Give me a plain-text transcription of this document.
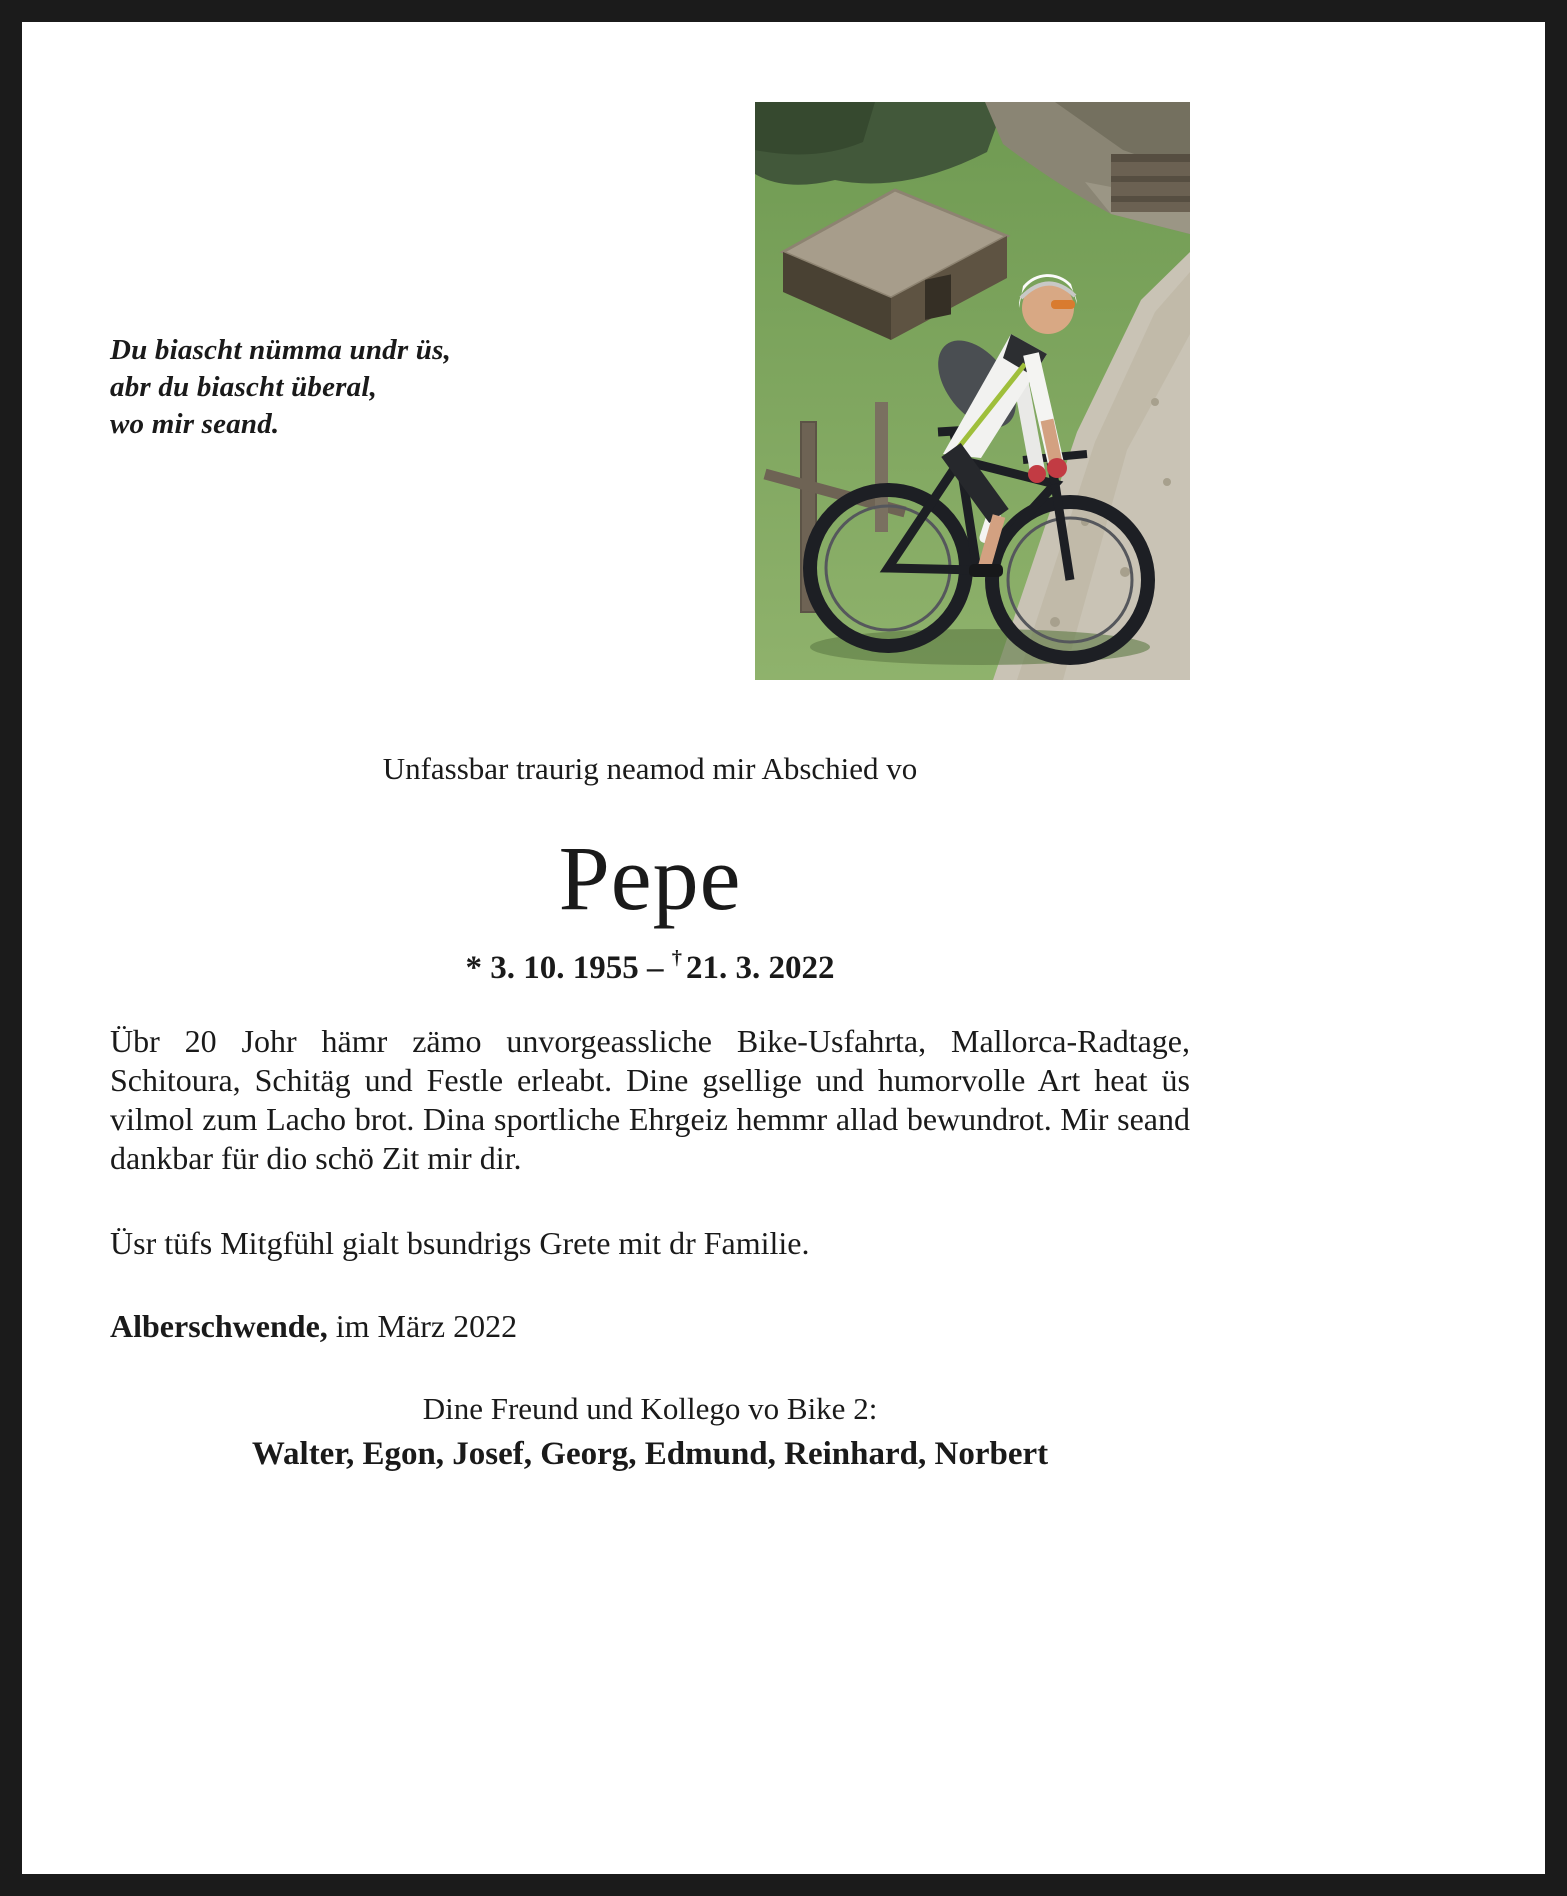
Du biascht nümma undr üs,

abr du biascht überal,

wo mir seand.

Unfassbar traurig neamod mir Abschied vo

Pepe

* 3. 10. 1955 – † 21. 3. 2022

Übr 20 Johr hämr zämo unvorgeassliche Bike-Usfahrta, Mallorca-Radtage, Schitoura, Schitäg und Festle erleabt. Dine gsellige und humorvolle Art heat üs vilmol zum Lacho brot. Dina sportliche Ehrgeiz hemmr allad bewundrot. Mir seand dankbar für dio schö Zit mir dir.

Üsr tüfs Mitgfühl gialt bsundrigs Grete mit dr Familie.

Alberschwende, im März 2022

Dine Freund und Kollego vo Bike 2:

Walter, Egon, Josef, Georg, Edmund, Reinhard, Norbert
